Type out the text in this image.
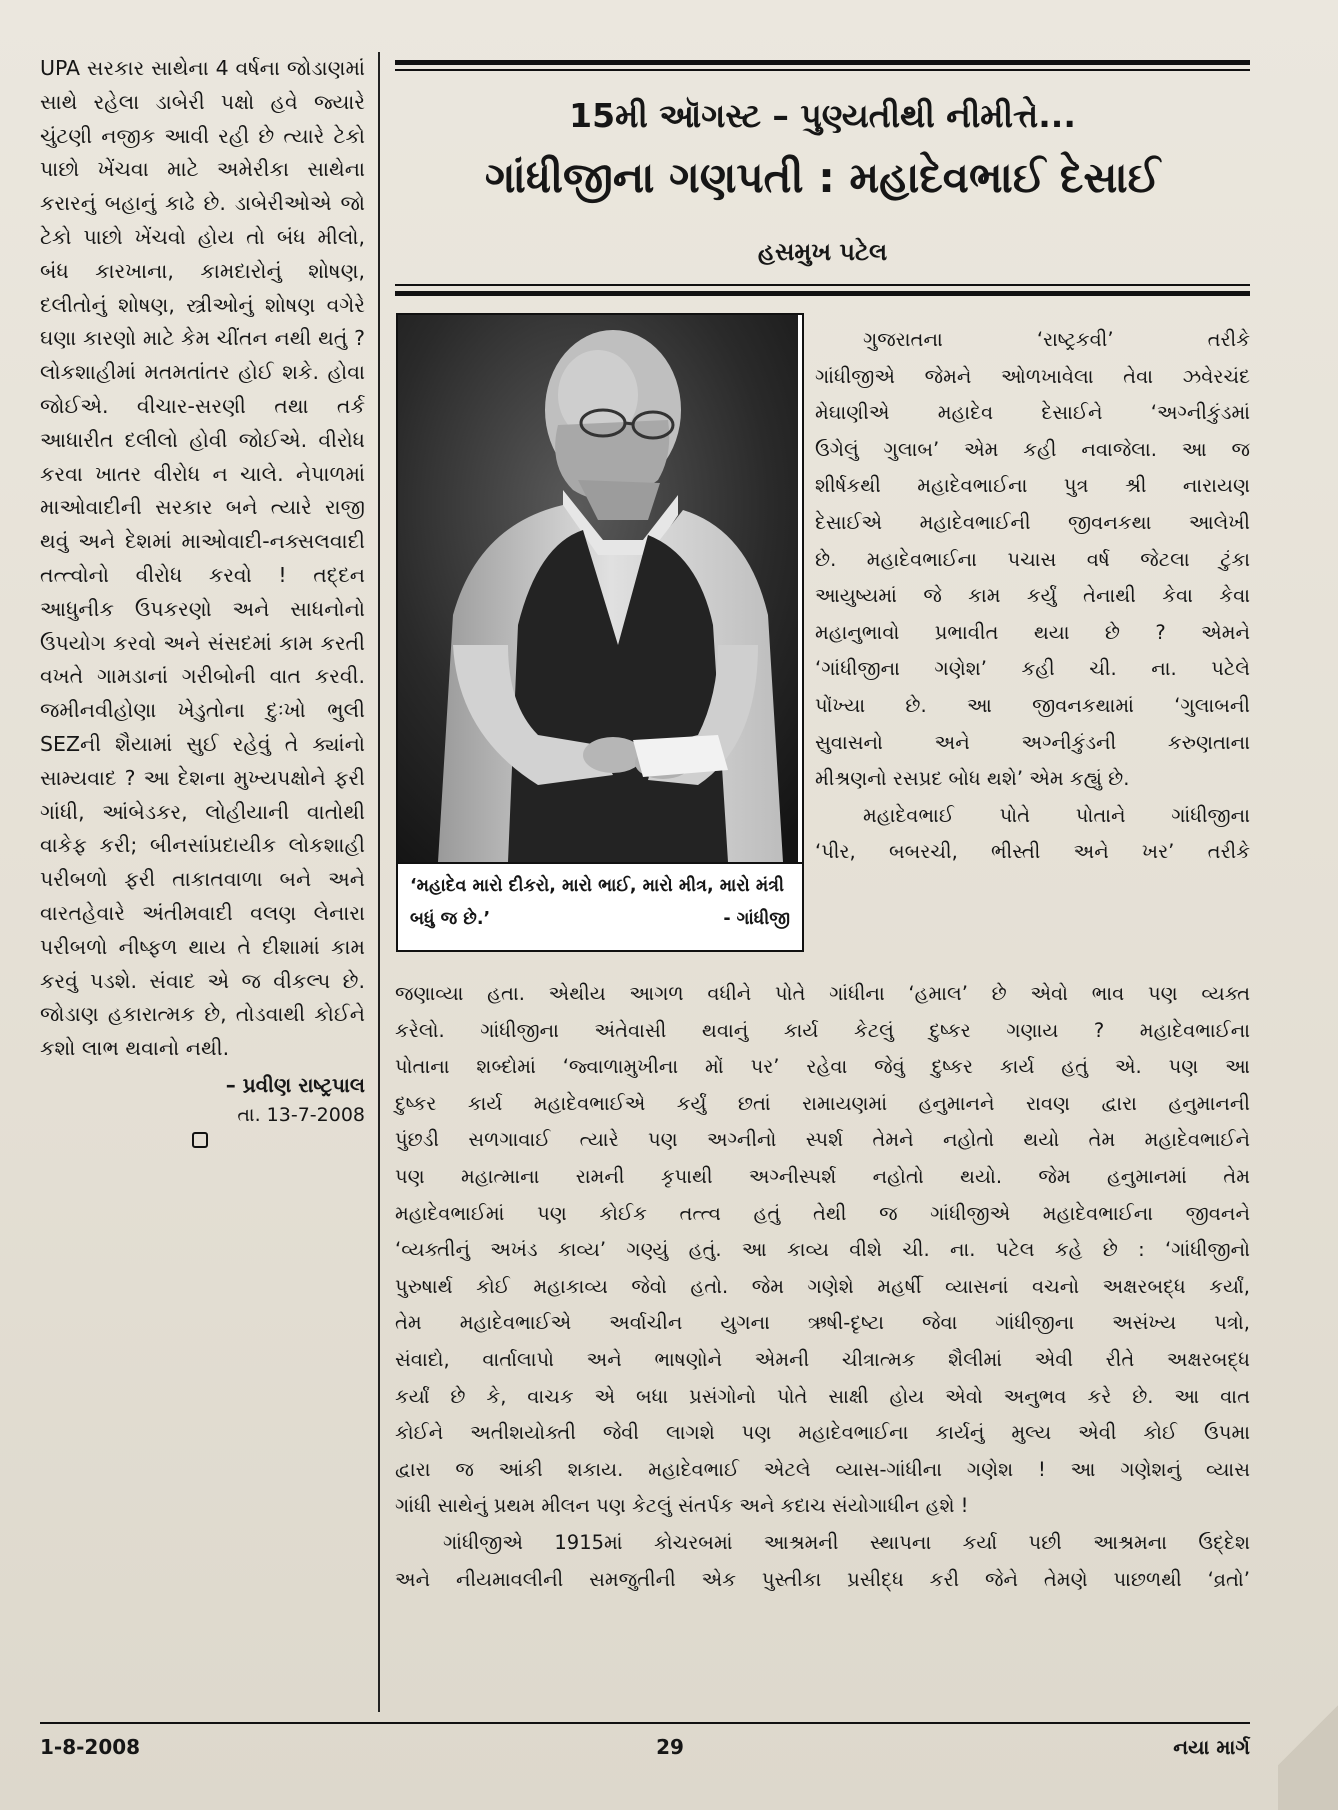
UPA સરકાર સાથેના 4 વર્ષના જોડાણમાં સાથે રહેલા ડાબેરી પક્ષો હવે જ્યારે ચુંટણી નજીક આવી રહી છે ત્યારે ટેકો પાછો ખેંચવા માટે અમેરીકા સાથેના કરારનું બહાનું કાઢે છે. ડાબેરીઓએ જો ટેકો પાછો ખેંચવો હોય તો બંધ મીલો, બંધ કારખાના, કામદારોનું શોષણ, દલીતોનું શોષણ, સ્ત્રીઓનું શોષણ વગેરે ઘણા કારણો માટે કેમ ચીંતન નથી થતું ? લોકશાહીમાં મતમતાંતર હોઈ શકે. હોવા જોઈએ. વીચાર-સરણી તથા તર્ક આધારીત દલીલો હોવી જોઈએ. વીરોધ કરવા ખાતર વીરોધ ન ચાલે. નેપાળમાં માઓવાદીની સરકાર બને ત્યારે રાજી થવું અને દેશમાં માઓવાદી-નક્સલવાદી તત્ત્વોનો વીરોધ કરવો ! તદ્દન આધુનીક ઉપકરણો અને સાધનોનો ઉપયોગ કરવો અને સંસદમાં કામ કરતી વખતે ગામડાનાં ગરીબોની વાત કરવી. જમીનવીહોણા ખેડુતોના દુઃખો ભુલી SEZની શૈયામાં સુઈ રહેવું તે ક્યાંનો સામ્યવાદ ? આ દેશના મુખ્યપક્ષોને ફરી ગાંધી, આંબેડકર, લોહીયાની વાતોથી વાકેફ કરી; બીનસાંપ્રદાયીક લોકશાહી પરીબળો ફરી તાકાતવાળા બને અને વારતહેવારે અંતીમવાદી વલણ લેનારા પરીબળો નીષ્ફળ થાય તે દીશામાં કામ કરવું પડશે. સંવાદ એ જ વીકલ્પ છે. જોડાણ હકારાત્મક છે, તોડવાથી કોઈને કશો લાભ થવાનો નથી.

– પ્રવીણ રાષ્ટ્રપાલ
તા. 13-7-2008
15મી ઑગસ્ટ – પુણ્યતીથી નીમીત્તે...
ગાંધીજીના ગણપતી : મહાદેવભાઈ દેસાઈ
હસમુખ પટેલ
‘મહાદેવ મારો દીકરો, મારો ભાઈ, મારો મીત્ર, મારો મંત્રી બધું જ છે.’	- ગાંધીજી

ગુજરાતના ‘રાષ્ટ્રકવી’ તરીકે

ગાંધીજીએ જેમને ઓળખાવેલા તેવા ઝવેરચંદ

મેઘાણીએ મહાદેવ દેસાઈને ‘અગ્નીકુંડમાં

ઉગેલું ગુલાબ’ એમ કહી નવાજેલા. આ જ

શીર્ષકથી મહાદેવભાઈના પુત્ર શ્રી નારાયણ

દેસાઈએ મહાદેવભાઈની જીવનકથા આલેખી

છે. મહાદેવભાઈના પચાસ વર્ષ જેટલા ટુંકા

આયુષ્યમાં જે કામ કર્યું તેનાથી કેવા કેવા

મહાનુભાવો પ્રભાવીત થયા છે ? એમને

‘ગાંધીજીના ગણેશ’ કહી ચી. ના. પટેલે

પોંખ્યા છે. આ જીવનકથામાં ‘ગુલાબની

સુવાસનો અને અગ્નીકુંડની કરુણતાના

મીશ્રણનો રસપ્રદ બોધ થશે’ એમ કહ્યું છે.

મહાદેવભાઈ પોતે પોતાને ગાંધીજીના

‘પીર, બબરચી, ભીસ્તી અને ખર’ તરીકે

જણાવ્યા હતા. એથીય આગળ વધીને પોતે ગાંધીના ‘હમાલ’ છે એવો ભાવ પણ વ્યક્ત

કરેલો. ગાંધીજીના અંતેવાસી થવાનું કાર્ય કેટલું દુષ્કર ગણાય ? મહાદેવભાઈના

પોતાના શબ્દોમાં ‘જ્વાળામુખીના મોં પર’ રહેવા જેવું દુષ્કર કાર્ય હતું એ. પણ આ

દુષ્કર કાર્ય મહાદેવભાઈએ કર્યું છતાં રામાયણમાં હનુમાનને રાવણ દ્વારા હનુમાનની

પુંછડી સળગાવાઈ ત્યારે પણ અગ્નીનો સ્પર્શ તેમને નહોતો થયો તેમ મહાદેવભાઈને

પણ મહાત્માના રામની કૃપાથી અગ્નીસ્પર્શ નહોતો થયો. જેમ હનુમાનમાં તેમ

મહાદેવભાઈમાં પણ કોઈક તત્ત્વ હતું તેથી જ ગાંધીજીએ મહાદેવભાઈના જીવનને

‘વ્યક્તીનું અખંડ કાવ્ય’ ગણ્યું હતું. આ કાવ્ય વીશે ચી. ના. પટેલ કહે છે : ‘ગાંધીજીનો

પુરુષાર્થ કોઈ મહાકાવ્ય જેવો હતો. જેમ ગણેશે મહર્ષી વ્યાસનાં વચનો અક્ષરબદ્ધ કર્યાં,

તેમ મહાદેવભાઈએ અર્વાચીન યુગના ઋષી-દૃષ્ટા જેવા ગાંધીજીના અસંખ્ય પત્રો,

સંવાદો, વાર્તાલાપો અને ભાષણોને એમની ચીત્રાત્મક શૈલીમાં એવી રીતે અક્ષરબદ્ધ

કર્યાં છે કે, વાચક એ બધા પ્રસંગોનો પોતે સાક્ષી હોય એવો અનુભવ કરે છે. આ વાત

કોઈને અતીશયોક્તી જેવી લાગશે પણ મહાદેવભાઈના કાર્યનું મુલ્ય એવી કોઈ ઉપમા

દ્વારા જ આંકી શકાય. મહાદેવભાઈ એટલે વ્યાસ-ગાંધીના ગણેશ ! આ ગણેશનું વ્યાસ

ગાંધી સાથેનું પ્રથમ મીલન પણ કેટલું સંતર્પક અને કદાચ સંયોગાધીન હશે !

ગાંધીજીએ 1915માં કોચરબમાં આશ્રમની સ્થાપના કર્યા પછી આશ્રમના ઉદ્દેશ

અને નીયમાવલીની સમજુતીની એક પુસ્તીકા પ્રસીદ્ધ કરી જેને તેમણે પાછળથી ‘વ્રતો’

1-8-2008	29	નયા માર્ગ
